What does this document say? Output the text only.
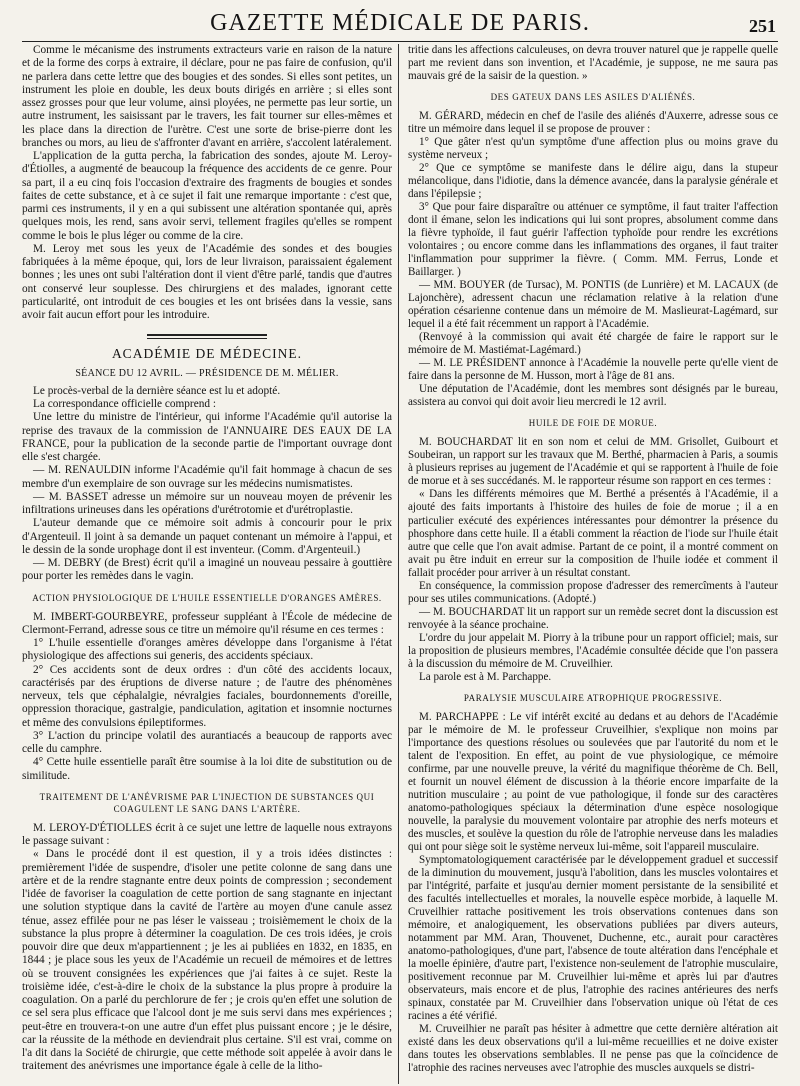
GAZETTE MÉDICALE DE PARIS.	251

Comme le mécanisme des instruments extracteurs varie en raison de la nature et de la forme des corps à extraire, il déclare, pour ne pas faire de confusion, qu'il ne parlera dans cette lettre que des bougies et des sondes. Si elles sont petites, un instrument les ploie en double, les deux bouts dirigés en arrière ; si elles sont assez grosses pour que leur volume, ainsi ployées, ne permette pas leur sortie, un autre instrument, les saisissant par le travers, les fait tourner sur elles-mêmes et les place dans la direction de l'urètre. C'est une sorte de brise-pierre dont les branches ou mors, au lieu de s'affronter d'avant en arrière, s'accolent latéralement.

L'application de la gutta percha, la fabrication des sondes, ajoute M. Leroy-d'Étiolles, a augmenté de beaucoup la fréquence des accidents de ce genre. Pour sa part, il a eu cinq fois l'occasion d'extraire des fragments de bougies et sondes faites de cette substance, et à ce sujet il fait une remarque importante : c'est que, parmi ces instruments, il y en a qui subissent une altération spontanée qui, après quelques mois, les rend, sans avoir servi, tellement fragiles qu'elles se rompent comme le bois le plus léger ou comme de la cire.

M. Leroy met sous les yeux de l'Académie des sondes et des bougies fabriquées à la même époque, qui, lors de leur livraison, paraissaient également bonnes ; les unes ont subi l'altération dont il vient d'être parlé, tandis que d'autres ont conservé leur souplesse. Des chirurgiens et des malades, ignorant cette particularité, ont introduit de ces bougies et les ont brisées dans la vessie, sans avoir fait aucun effort pour les introduire.

ACADÉMIE DE MÉDECINE.
SÉANCE DU 12 AVRIL. — PRÉSIDENCE DE M. MÉLIER.

Le procès-verbal de la dernière séance est lu et adopté.

La correspondance officielle comprend :

Une lettre du ministre de l'intérieur, qui informe l'Académie qu'il autorise la reprise des travaux de la commission de l'ANNUAIRE DES EAUX DE LA FRANCE, pour la publication de la seconde partie de l'important ouvrage dont elle s'est chargée.

— M. RENAULDIN informe l'Académie qu'il fait hommage à chacun de ses membre d'un exemplaire de son ouvrage sur les médecins numismatistes.

— M. BASSET adresse un mémoire sur un nouveau moyen de prévenir les infiltrations urineuses dans les opérations d'urétrotomie et d'urétroplastie.

L'auteur demande que ce mémoire soit admis à concourir pour le prix d'Argenteuil. Il joint à sa demande un paquet contenant un mémoire à l'appui, et le dessin de la sonde urophage dont il est inventeur. (Comm. d'Argenteuil.)

— M. DEBRY (de Brest) écrit qu'il a imaginé un nouveau pessaire à gouttière pour porter les remèdes dans le vagin.

ACTION PHYSIOLOGIQUE DE L'HUILE ESSENTIELLE D'ORANGES AMÈRES.

M. IMBERT-GOURBEYRE, professeur suppléant à l'École de médecine de Clermont-Ferrand, adresse sous ce titre un mémoire qu'il résume en ces termes :

1° L'huile essentielle d'oranges amères développe dans l'organisme à l'état physiologique des affections sui generis, des accidents spéciaux.

2° Ces accidents sont de deux ordres : d'un côté des accidents locaux, caractérisés par des éruptions de diverse nature ; de l'autre des phénomènes nerveux, tels que céphalalgie, névralgies faciales, bourdonnements d'oreille, oppression thoracique, gastralgie, pandiculation, agitation et insomnie nocturnes et même des convulsions épileptiformes.

3° L'action du principe volatil des aurantiacés a beaucoup de rapports avec celle du camphre.

4° Cette huile essentielle paraît être soumise à la loi dite de substitution ou de similitude.

TRAITEMENT DE L'ANÉVRISME PAR L'INJECTION DE SUBSTANCES QUI COAGULENT LE SANG DANS L'ARTÈRE.

M. LEROY-D'ÉTIOLLES écrit à ce sujet une lettre de laquelle nous extrayons le passage suivant :

« Dans le procédé dont il est question, il y a trois idées distinctes : premièrement l'idée de suspendre, d'isoler une petite colonne de sang dans une artère et de la rendre stagnante entre deux points de compression ; secondement l'idée de favoriser la coagulation de cette portion de sang stagnante en injectant une solution styptique dans la cavité de l'artère au moyen d'une canule assez ténue, assez effilée pour ne pas léser le vaisseau ; troisièmement le choix de la substance la plus propre à déterminer la coagulation. De ces trois idées, je crois pouvoir dire que deux m'appartiennent ; je les ai publiées en 1832, en 1835, en 1844 ; je place sous les yeux de l'Académie un recueil de mémoires et de lettres où se trouvent consignées les expériences que j'ai faites à ce sujet. Reste la troisième idée, c'est-à-dire le choix de la substance la plus propre à produire la coagulation. On a parlé du perchlorure de fer ; je crois qu'en effet une solution de ce sel sera plus efficace que l'alcool dont je me suis servi dans mes expériences ; peut-être en trouvera-t-on une autre d'un effet plus puissant encore ; je le désire, car la réussite de la méthode en deviendrait plus certaine. S'il est vrai, comme on l'a dit dans la Société de chirurgie, que cette méthode soit appelée à avoir dans le traitement des anévrismes une importance égale à celle de la litho-

tritie dans les affections calculeuses, on devra trouver naturel que je rappelle quelle part me revient dans son invention, et l'Académie, je suppose, ne me saura pas mauvais gré de la saisir de la question. »

DES GATEUX DANS LES ASILES D'ALIÉNÉS.

M. GÉRARD, médecin en chef de l'asile des aliénés d'Auxerre, adresse sous ce titre un mémoire dans lequel il se propose de prouver :

1° Que gâter n'est qu'un symptôme d'une affection plus ou moins grave du système nerveux ;

2° Que ce symptôme se manifeste dans le délire aigu, dans la stupeur mélancolique, dans l'idiotie, dans la démence avancée, dans la paralysie générale et dans l'épilepsie ;

3° Que pour faire disparaître ou atténuer ce symptôme, il faut traiter l'affection dont il émane, selon les indications qui lui sont propres, absolument comme dans la fièvre typhoïde, il faut guérir l'affection typhoïde pour rendre les excrétions volontaires ; ou encore comme dans les inflammations des organes, il faut traiter l'inflammation pour supprimer la fièvre. ( Comm. MM. Ferrus, Londe et Baillarger. )

— MM. BOUYER (de Tursac), M. PONTIS (de Lunrière) et M. LACAUX (de Lajonchère), adressent chacun une réclamation relative à la relation d'une opération césarienne contenue dans un mémoire de M. Maslieurat-Lagémard, sur lequel il a été fait récemment un rapport à l'Académie.

(Renvoyé à la commission qui avait été chargée de faire le rapport sur le mémoire de M. Mastiémat-Lagémard.)

— M. LE PRÉSIDENT annonce à l'Académie la nouvelle perte qu'elle vient de faire dans la personne de M. Husson, mort à l'âge de 81 ans.

Une députation de l'Académie, dont les membres sont désignés par le bureau, assistera au convoi qui doit avoir lieu mercredi le 12 avril.

HUILE DE FOIE DE MORUE.

M. BOUCHARDAT lit en son nom et celui de MM. Grisollet, Guibourt et Soubeiran, un rapport sur les travaux que M. Berthé, pharmacien à Paris, a soumis à plusieurs reprises au jugement de l'Académie et qui se rapportent à l'huile de foie de morue et à ses succédanés. M. le rapporteur résume son rapport en ces termes :

« Dans les différents mémoires que M. Berthé a présentés à l'Académie, il a ajouté des faits importants à l'histoire des huiles de foie de morue ; il a en particulier exécuté des expériences intéressantes pour démontrer la présence du phosphore dans cette huile. Il a établi comment la réaction de l'iode sur l'huile était autre que celle que l'on avait admise. Partant de ce point, il a montré comment on avait pu être induit en erreur sur la composition de l'huile iodée et comment il fallait procéder pour arriver à un résultat constant.

En conséquence, la commission propose d'adresser des remercîments à l'auteur pour ses utiles communications. (Adopté.)

— M. BOUCHARDAT lit un rapport sur un remède secret dont la discussion est renvoyée à la séance prochaine.

L'ordre du jour appelait M. Piorry à la tribune pour un rapport officiel; mais, sur la proposition de plusieurs membres, l'Académie consultée décide que l'on passera à la discussion du mémoire de M. Cruveilhier.

La parole est à M. Parchappe.

PARALYSIE MUSCULAIRE ATROPHIQUE PROGRESSIVE.

M. PARCHAPPE : Le vif intérêt excité au dedans et au dehors de l'Académie par le mémoire de M. le professeur Cruveilhier, s'explique non moins par l'importance des questions résolues ou soulevées que par l'autorité du nom et le talent de l'exposition. En effet, au point de vue physiologique, ce mémoire confirme, par une nouvelle preuve, la vérité du magnifique théorème de Ch. Bell, et fournit un nouvel élément de discussion à la théorie encore imparfaite de la nutrition musculaire ; au point de vue pathologique, il fonde sur des caractères anatomo-pathologiques spéciaux la détermination d'une espèce nosologique nouvelle, la paralysie du mouvement volontaire par atrophie des nerfs moteurs et des muscles, et soulève la question du rôle de l'atrophie nerveuse dans les maladies qui ont pour siège soit le système nerveux lui-même, soit l'appareil musculaire.

Symptomatologiquement caractérisée par le développement graduel et successif de la diminution du mouvement, jusqu'à l'abolition, dans les muscles volontaires et par l'intégrité, parfaite et jusqu'au dernier moment persistante de la sensibilité et des facultés intellectuelles et morales, la nouvelle espèce morbide, à laquelle M. Cruveilhier rattache positivement les trois observations contenues dans son mémoire, et analogiquement, les observations publiées par divers auteurs, notamment par MM. Aran, Thouvenet, Duchenne, etc., aurait pour caractères anatomo-pathologiques, d'une part, l'absence de toute altération dans l'encéphale et la moelle épinière, d'autre part, l'existence non-seulement de l'atrophie musculaire, positivement reconnue par M. Cruveilhier lui-même et après lui par d'autres observateurs, mais encore et de plus, l'atrophie des racines antérieures des nerfs spinaux, constatée par M. Cruveilhier dans l'observation unique où l'état de ces racines a été vérifié.

M. Cruveilhier ne paraît pas hésiter à admettre que cette dernière altération ait existé dans les deux observations qu'il a lui-même recueillies et ne doive exister dans toutes les observations semblables. Il ne pense pas que la coïncidence de l'atrophie des racines nerveuses avec l'atrophie des muscles auxquels se distri-
